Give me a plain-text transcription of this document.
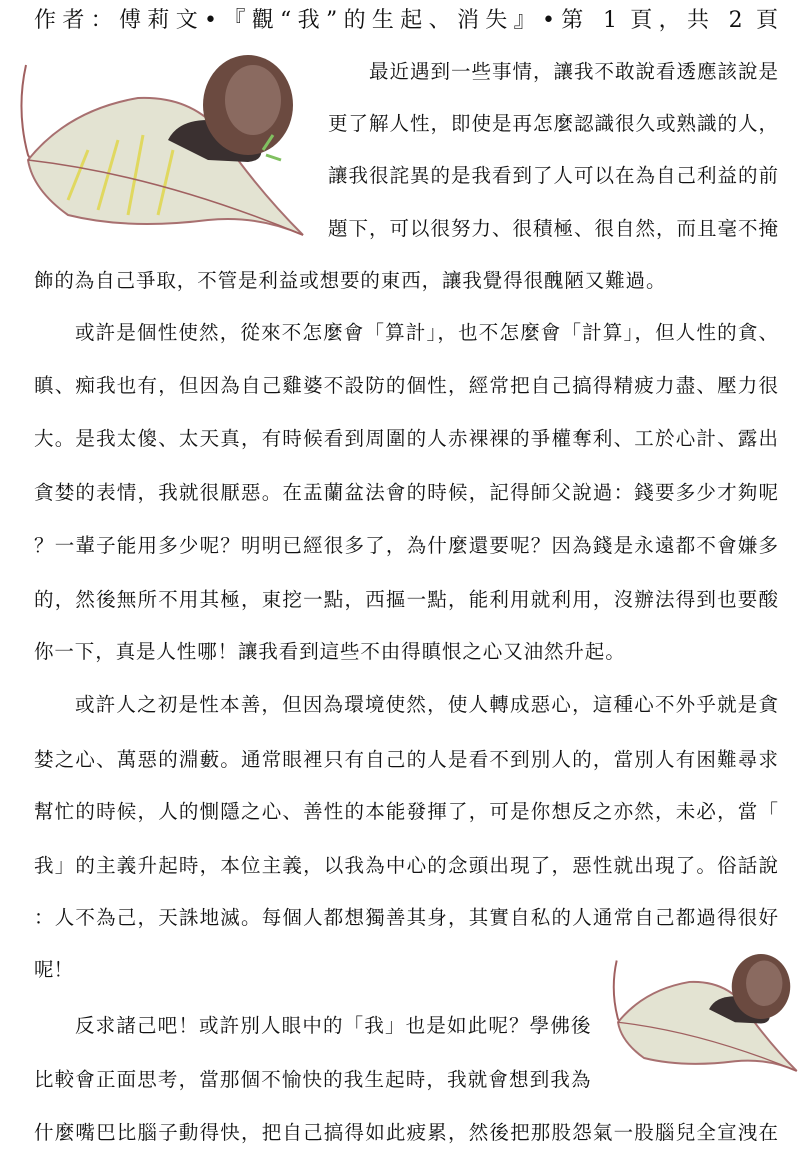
作者：傅莉文•『觀“我”的生起、消失』•第 1 頁，共 2 頁
最近遇到一些事情，讓我不敢說看透應該說是
更了解人性，即使是再怎麼認識很久或熟識的人，
讓我很詫異的是我看到了人可以在為自己利益的前
題下，可以很努力、很積極、很自然，而且毫不掩
飾的為自己爭取，不管是利益或想要的東西，讓我覺得很醜陋又難過。
或許是個性使然，從來不怎麼會「算計」，也不怎麼會「計算」，但人性的貪、
瞋、痴我也有，但因為自己雞婆不設防的個性，經常把自己搞得精疲力盡、壓力很
大。是我太傻、太天真，有時候看到周圍的人赤裸裸的爭權奪利、工於心計、露出
貪婪的表情，我就很厭惡。在盂蘭盆法會的時候，記得師父說過：錢要多少才夠呢
？一輩子能用多少呢？明明已經很多了，為什麼還要呢？因為錢是永遠都不會嫌多
的，然後無所不用其極，東挖一點，西摳一點，能利用就利用，沒辦法得到也要酸
你一下，真是人性哪！讓我看到這些不由得瞋恨之心又油然升起。
或許人之初是性本善，但因為環境使然，使人轉成惡心，這種心不外乎就是貪
婪之心、萬惡的淵藪。通常眼裡只有自己的人是看不到別人的，當別人有困難尋求
幫忙的時候，人的惻隱之心、善性的本能發揮了，可是你想反之亦然，未必，當「
我」的主義升起時，本位主義，以我為中心的念頭出現了，惡性就出現了。俗話說
：人不為己，天誅地滅。每個人都想獨善其身，其實自私的人通常自己都過得很好
呢！
反求諸己吧！或許別人眼中的「我」也是如此呢？學佛後
比較會正面思考，當那個不愉快的我生起時，我就會想到我為
什麼嘴巴比腦子動得快，把自己搞得如此疲累，然後把那股怨氣一股腦兒全宣洩在
